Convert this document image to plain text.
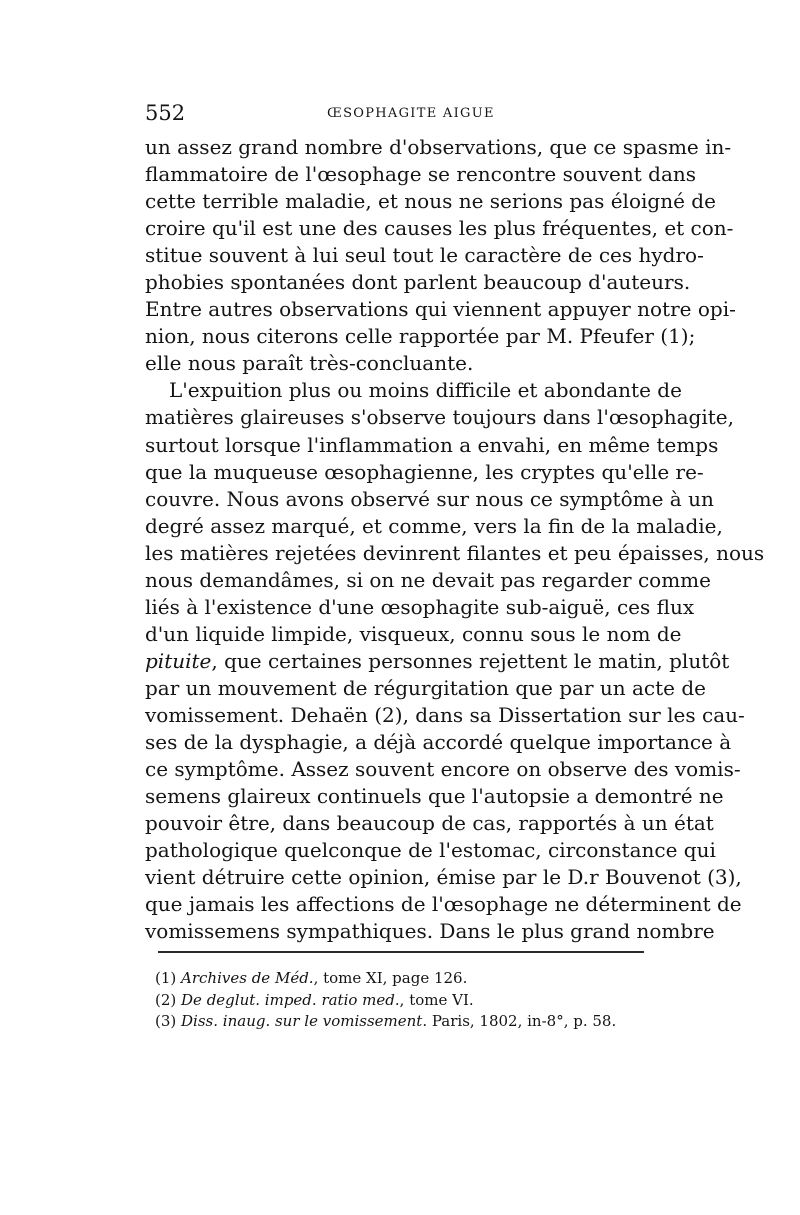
552	ŒSOPHAGITE AIGUE
un assez grand nombre d'observations, que ce spasme in-
flammatoire de l'œsophage se rencontre souvent dans
cette terrible maladie, et nous ne serions pas éloigné de
croire qu'il est une des causes les plus fréquentes, et con-
stitue souvent à lui seul tout le caractère de ces hydro-
phobies spontanées dont parlent beaucoup d'auteurs.
Entre autres observations qui viennent appuyer notre opi-
nion, nous citerons celle rapportée par M. Pfeufer (1);
elle nous paraît très-concluante.
L'expuition plus ou moins difficile et abondante de
matières glaireuses s'observe toujours dans l'œsophagite,
surtout lorsque l'inflammation a envahi, en même temps
que la muqueuse œsophagienne, les cryptes qu'elle re-
couvre. Nous avons observé sur nous ce symptôme à un
degré assez marqué, et comme, vers la fin de la maladie,
les matières rejetées devinrent filantes et peu épaisses, nous
nous demandâmes, si on ne devait pas regarder comme
liés à l'existence d'une œsophagite sub-aiguë, ces flux
d'un liquide limpide, visqueux, connu sous le nom de
pituite, que certaines personnes rejettent le matin, plutôt
par un mouvement de régurgitation que par un acte de
vomissement. Dehaën (2), dans sa Dissertation sur les cau-
ses de la dysphagie, a déjà accordé quelque importance à
ce symptôme. Assez souvent encore on observe des vomis-
semens glaireux continuels que l'autopsie a demontré ne
pouvoir être, dans beaucoup de cas, rapportés à un état
pathologique quelconque de l'estomac, circonstance qui
vient détruire cette opinion, émise par le D.r Bouvenot (3),
que jamais les affections de l'œsophage ne déterminent de
vomissemens sympathiques. Dans le plus grand nombre
(1) Archives de Méd., tome XI, page 126.
(2) De deglut. imped. ratio med., tome VI.
(3) Diss. inaug. sur le vomissement. Paris, 1802, in-8°, p. 58.
